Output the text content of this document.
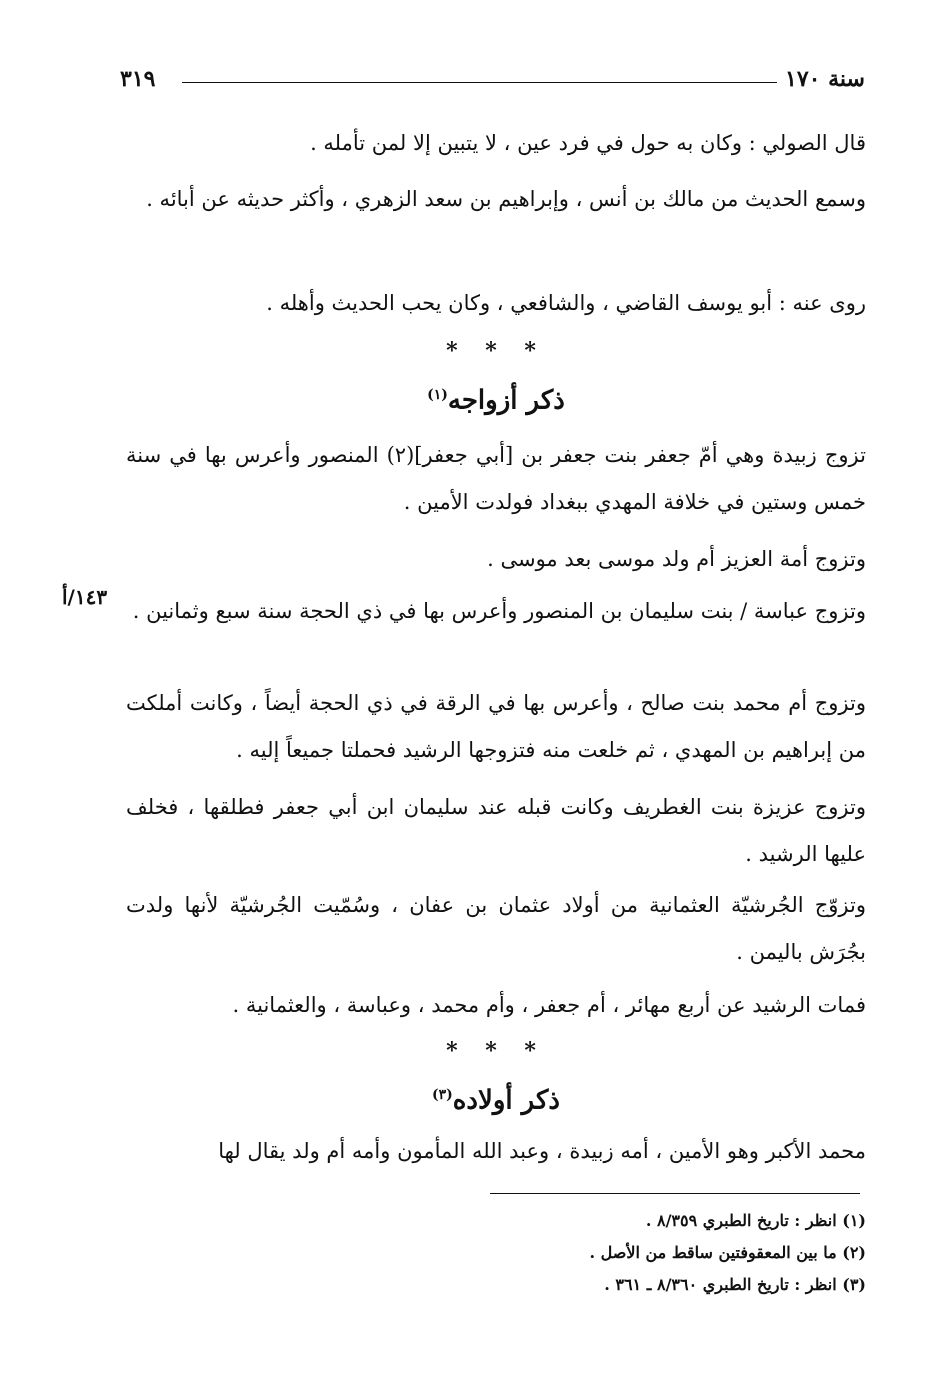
سنة ١٧٠
٣١٩
قال الصولي : وكان به حول في فرد عين ، لا يتبين إلا لمن تأمله .
وسمع الحديث من مالك بن أنس ، وإبراهيم بن سعد الزهري ، وأكثر حديثه عن أبائه .
روى عنه : أبو يوسف القاضي ، والشافعي ، وكان يحب الحديث وأهله .
* * *
ذكر أزواجه$^{(١)}$
تزوج زبيدة وهي أمّ جعفر بنت جعفر بن [أبي جعفر](٢) المنصور وأعرس بها في سنة خمس وستين في خلافة المهدي ببغداد فولدت الأمين .
وتزوج أمة العزيز أم ولد موسى بعد موسى .
وتزوج عباسة / بنت سليمان بن المنصور وأعرس بها في ذي الحجة سنة سبع وثمانين .
وتزوج أم محمد بنت صالح ، وأعرس بها في الرقة في ذي الحجة أيضاً ، وكانت أملكت من إبراهيم بن المهدي ، ثم خلعت منه فتزوجها الرشيد فحملتا جميعاً إليه .
وتزوج عزيزة بنت الغطريف وكانت قبله عند سليمان ابن أبي جعفر فطلقها ، فخلف عليها الرشيد .
وتزوّج الجُرشيّة العثمانية من أولاد عثمان بن عفان ، وسُمّيت الجُرشيّة لأنها ولدت بجُرَش باليمن .
فمات الرشيد عن أربع مهائر ، أم جعفر ، وأم محمد ، وعباسة ، والعثمانية .
* * *
ذكر أولاده$^{(٣)}$
محمد الأكبر وهو الأمين ، أمه زبيدة ، وعبد الله المأمون وأمه أم ولد يقال لها
١٤٣/أ
(١) انظر : تاريخ الطبري ٨/٣٥٩ .
(٢) ما بين المعقوفتين ساقط من الأصل .
(٣) انظر : تاريخ الطبري ٨/٣٦٠ ـ ٣٦١ .
